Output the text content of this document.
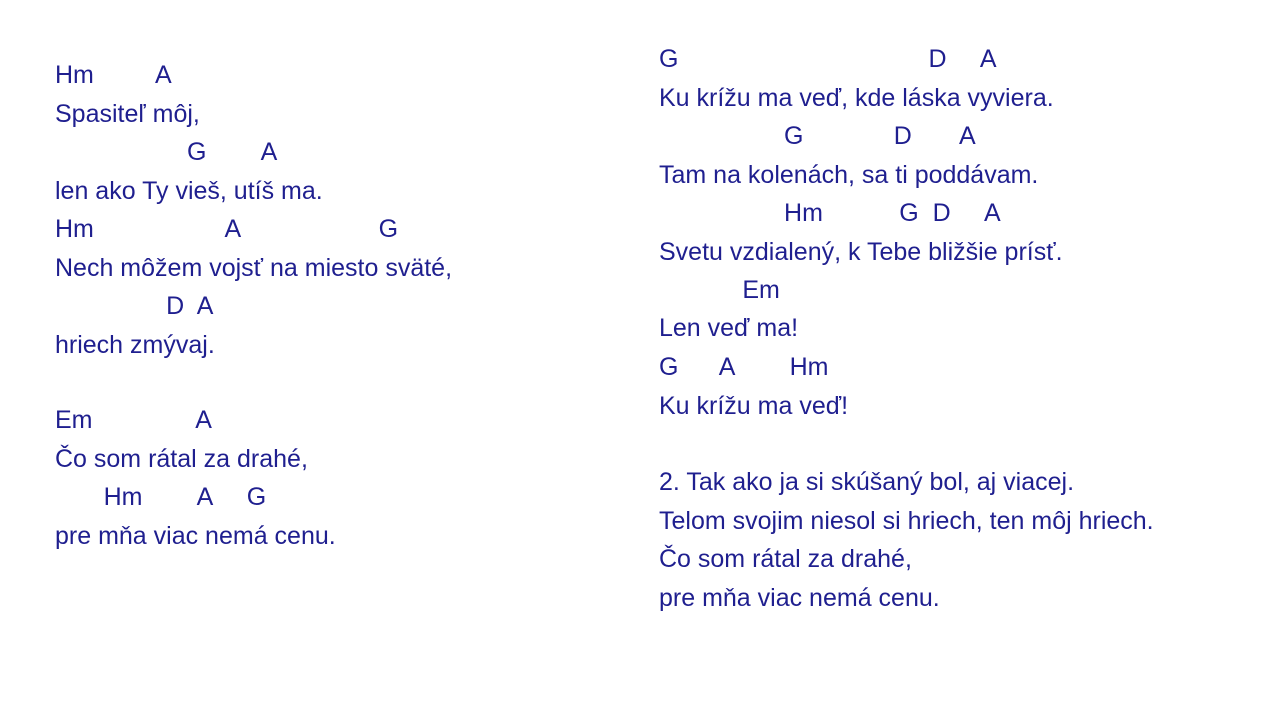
Hm         A
Spasiteľ môj,
G        A
len ako Ty vieš, utíš ma.
Hm                   A                    G
Nech môžem vojsť na miesto sväté,
D  A
hriech zmývaj.
Em               A
Čo som rátal za drahé,
Hm        A     G
pre mňa viac nemá cenu.
G                                    D     A
Ku krížu ma veď, kde láska vyviera.
G             D       A
Tam na kolenách, sa ti poddávam.
Hm           G  D     A
Svetu vzdialený, k Tebe bližšie prísť.
Em
Len veď ma!
G      A        Hm
Ku krížu ma veď!
2. Tak ako ja si skúšaný bol, aj viacej.
Telom svojim niesol si hriech, ten môj hriech.
Čo som rátal za drahé,
pre mňa viac nemá cenu.
